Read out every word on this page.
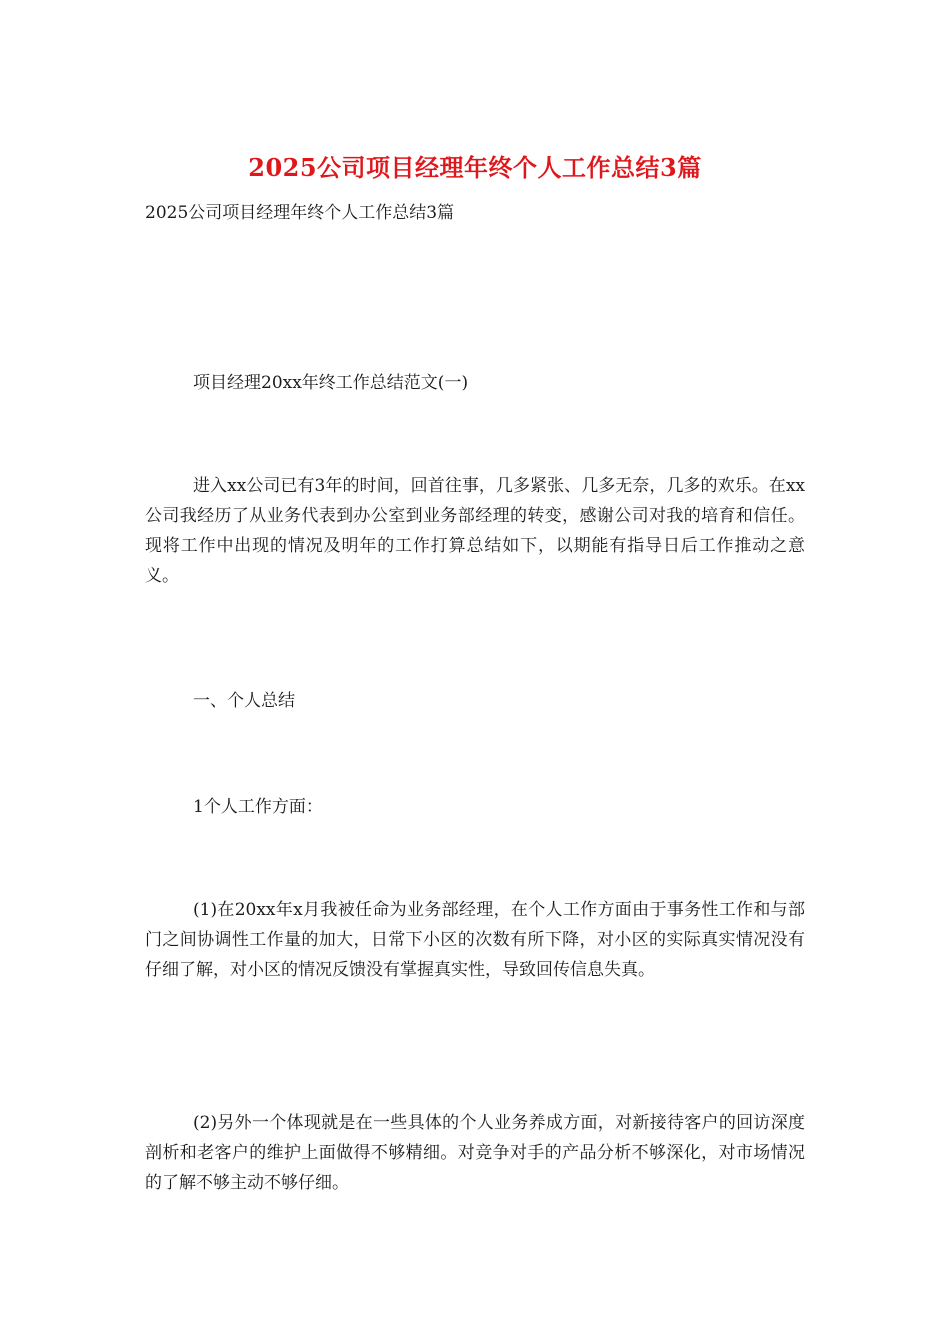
2025公司项目经理年终个人工作总结3篇
2025公司项目经理年终个人工作总结3篇

项目经理20xx年终工作总结范文(一)

进入xx公司已有3年的时间，回首往事，几多紧张、几多无奈，几多的欢乐。在xx公司我经历了从业务代表到办公室到业务部经理的转变，感谢公司对我的培育和信任。现将工作中出现的情况及明年的工作打算总结如下，以期能有指导日后工作推动之意义。

一、个人总结

1个人工作方面：

(1)在20xx年x月我被任命为业务部经理，在个人工作方面由于事务性工作和与部门之间协调性工作量的加大，日常下小区的次数有所下降，对小区的实际真实情况没有仔细了解，对小区的情况反馈没有掌握真实性，导致回传信息失真。

(2)另外一个体现就是在一些具体的个人业务养成方面，对新接待客户的回访深度剖析和老客户的维护上面做得不够精细。对竞争对手的产品分析不够深化，对市场情况的了解不够主动不够仔细。
